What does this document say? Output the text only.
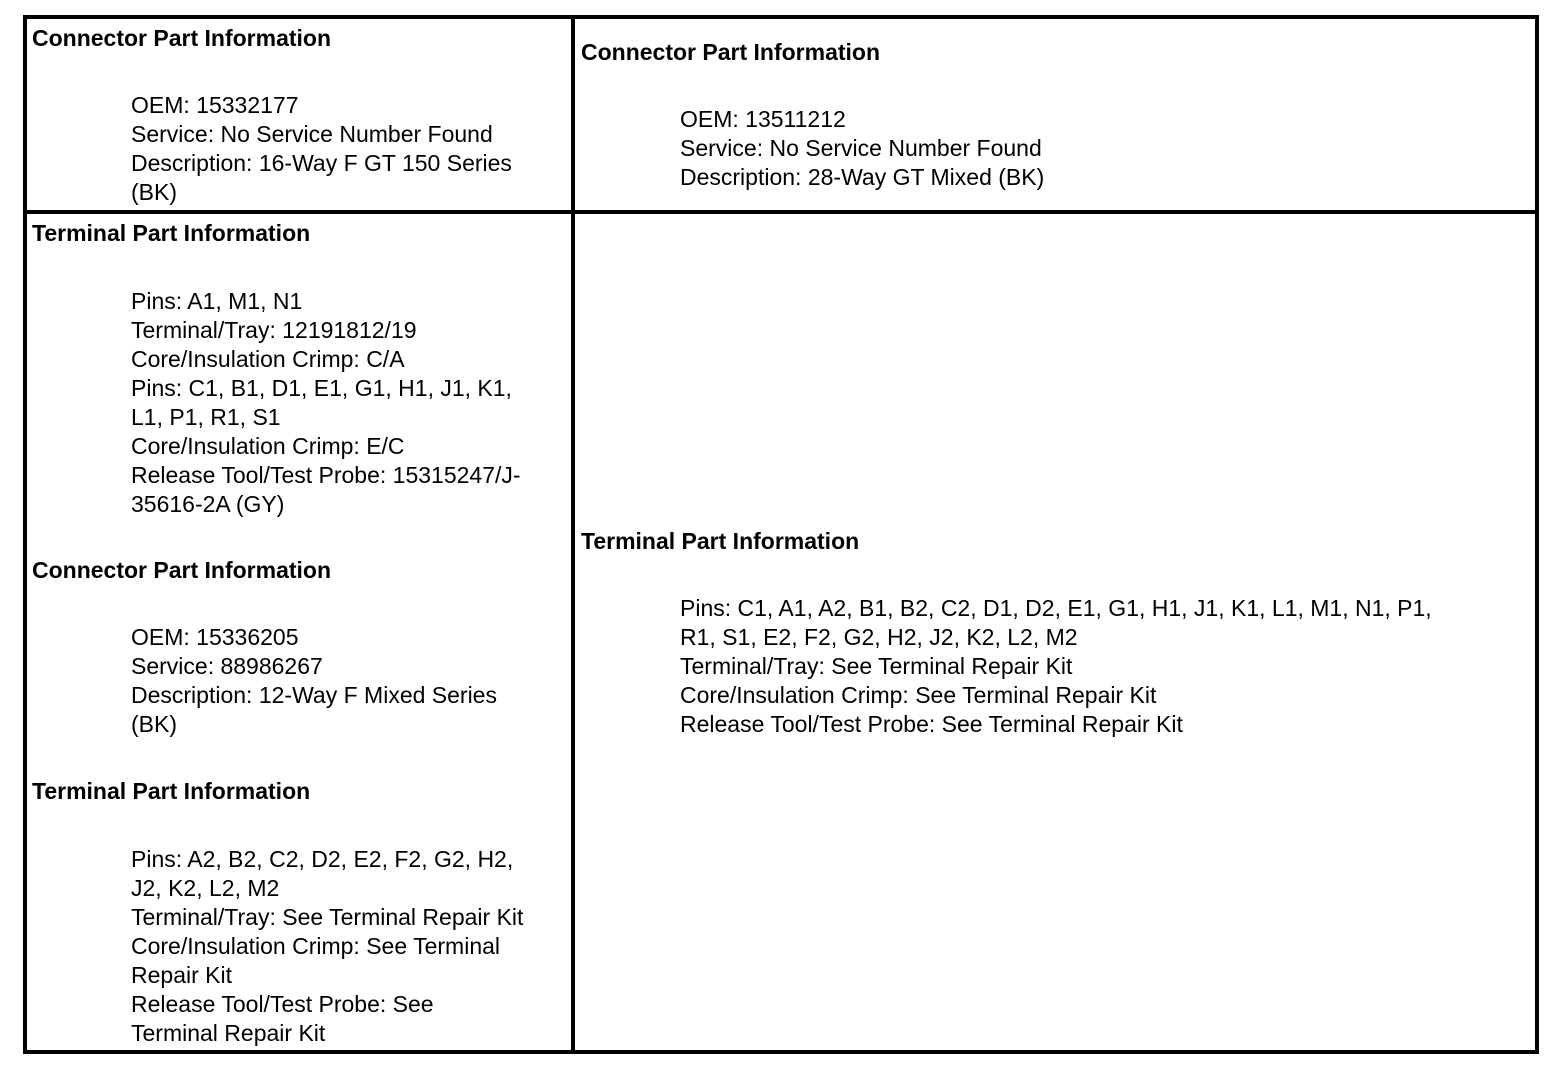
Connector Part Information
OEM: 15332177
Service: No Service Number Found
Description: 16-Way F GT 150 Series
(BK)
Connector Part Information
OEM: 13511212
Service: No Service Number Found
Description: 28-Way GT Mixed (BK)
Terminal Part Information
Pins: A1, M1, N1
Terminal/Tray: 12191812/19
Core/Insulation Crimp: C/A
Pins: C1, B1, D1, E1, G1, H1, J1, K1,
L1, P1, R1, S1
Core/Insulation Crimp: E/C
Release Tool/Test Probe: 15315247/J-
35616-2A (GY)
Connector Part Information
OEM: 15336205
Service: 88986267
Description: 12-Way F Mixed Series
(BK)
Terminal Part Information
Pins: A2, B2, C2, D2, E2, F2, G2, H2,
J2, K2, L2, M2
Terminal/Tray: See Terminal Repair Kit
Core/Insulation Crimp: See Terminal
Repair Kit
Release Tool/Test Probe: See
Terminal Repair Kit
Terminal Part Information
Pins: C1, A1, A2, B1, B2, C2, D1, D2, E1, G1, H1, J1, K1, L1, M1, N1, P1,
R1, S1, E2, F2, G2, H2, J2, K2, L2, M2
Terminal/Tray: See Terminal Repair Kit
Core/Insulation Crimp: See Terminal Repair Kit
Release Tool/Test Probe: See Terminal Repair Kit
